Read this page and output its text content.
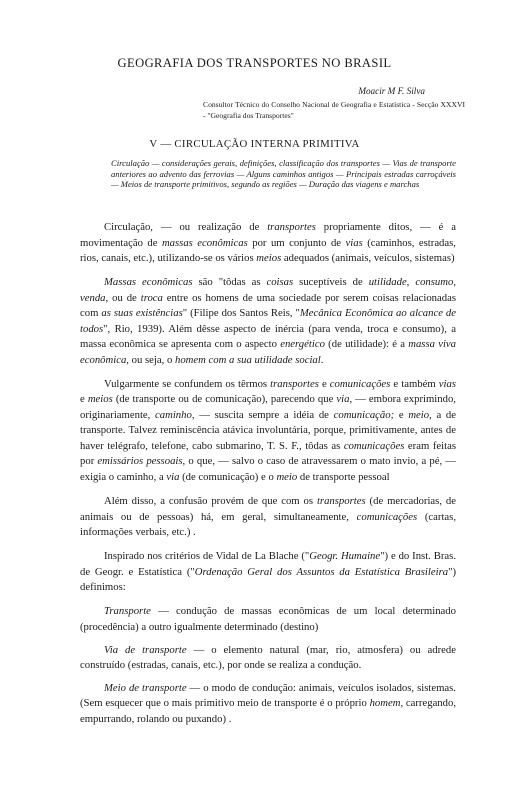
GEOGRAFIA DOS TRANSPORTES NO BRASIL
Moacir M F. Silva
Consultor Técnico do Conselho Nacional de Geografia e Estatística - Secção XXXVI - "Geografia dos Transportes"
V — CIRCULAÇÃO INTERNA PRIMITIVA
Circulação — considerações gerais, definições, classificação dos transportes — Vias de transporte anteriores ao advento das ferrovias — Alguns caminhos antigos — Principais estradas carroçáveis — Meios de transporte primitivos, segundo as regiões — Duração das viagens e marchas

Circulação, — ou realização de transportes propriamente ditos, — é a movimentação de massas econômicas por um conjunto de vias (caminhos, estradas, rios, canais, etc.), utilizando-se os vários meios adequados (animais, veículos, sistemas)

Massas econômicas são "tôdas as coisas suceptíveis de utilidade, consumo, venda, ou de troca entre os homens de uma sociedade por serem coisas relacionadas com as suas existências" (Filipe dos Santos Reis, "Mecânica Econômica ao alcance de todos", Rio, 1939). Além dêsse aspecto de inércia (para venda, troca e consumo), a massa econômica se apresenta com o aspecto energético (de utilidade): é a massa viva econômica, ou seja, o homem com a sua utilidade social.

Vulgarmente se confundem os têrmos transportes e comunicações e também vias e meios (de transporte ou de comunicação), parecendo que via, — embora exprimindo, originariamente, caminho, — suscita sempre a idéia de comunicação; e meio, a de transporte. Talvez reminiscência atávica involuntária, porque, primitivamente, antes de haver telégrafo, telefone, cabo submarino, T. S. F., tôdas as comunicações eram feitas por emissários pessoais, o que, — salvo o caso de atravessarem o mato invio, a pé, — exigia o caminho, a via (de comunicação) e o meio de transporte pessoal

Além disso, a confusão provém de que com os transportes (de mercadorias, de animais ou de pessoas) há, em geral, simultaneamente, comunicações (cartas, informações verbais, etc.) .

Inspirado nos critérios de Vidal de La Blache ("Geogr. Humaine") e do Inst. Bras. de Geogr. e Estatística ("Ordenação Geral dos Assuntos da Estatística Brasileira") definimos:

Transporte — condução de massas econômicas de um local determinado (procedência) a outro igualmente determinado (destino)

Via de transporte — o elemento natural (mar, rio, atmosfera) ou adrede construído (estradas, canais, etc.), por onde se realiza a condução.

Meio de transporte — o modo de condução: animais, veículos isolados, sistemas. (Sem esquecer que o mais primitivo meio de transporte é o próprio homem, carregando, empurrando, rolando ou puxando) .
